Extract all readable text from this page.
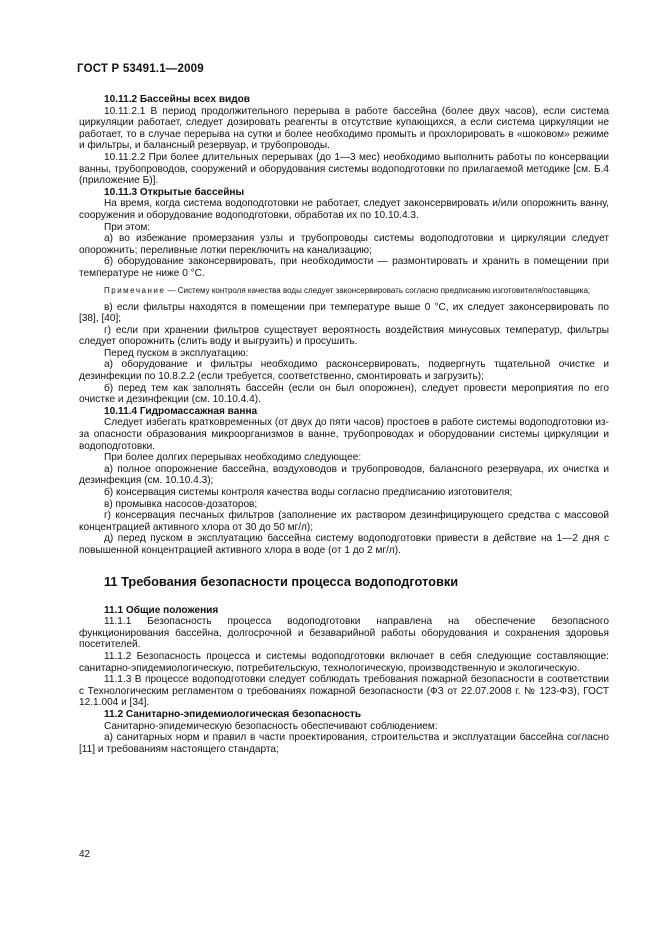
ГОСТ Р 53491.1—2009

10.11.2 Бассейны всех видов

10.11.2.1 В период продолжительного перерыва в работе бассейна (более двух часов), если система циркуляции работает, следует дозировать реагенты в отсутствие купающихся, а если система циркуляции не работает, то в случае перерыва на сутки и более необходимо промыть и прохлорировать в «шоковом» режиме и фильтры, и балансный резервуар, и трубопроводы.

10.11.2.2 При более длительных перерывах (до 1—3 мес) необходимо выполнить работы по консервации ванны, трубопроводов, сооружений и оборудования системы водоподготовки по прилагаемой методике [см. Б.4 (приложение Б)].

10.11.3 Открытые бассейны

На время, когда система водоподготовки не работает, следует законсервировать и/или опорожнить ванну, сооружения и оборудование водоподготовки, обработав их по 10.10.4.3.

При этом:

а) во избежание промерзания узлы и трубопроводы системы водоподготовки и циркуляции следует опорожнить; переливные лотки переключить на канализацию;

б) оборудование законсервировать, при необходимости — размонтировать и хранить в помещении при температуре не ниже 0 °С.

Примечание — Систему контроля качества воды следует законсервировать согласно предписанию изготовителя/поставщика;

в) если фильтры находятся в помещении при температуре выше 0 °С, их следует законсервировать по [38], [40];

г) если при хранении фильтров существует вероятность воздействия минусовых температур, фильтры следует опорожнить (слить воду и выгрузить) и просушить.

Перед пуском в эксплуатацию:

а) оборудование и фильтры необходимо расконсервировать, подвергнуть тщательной очистке и дезинфекции по 10.8.2.2 (если требуется, соответственно, смонтировать и загрузить);

б) перед тем как заполнять бассейн (если он был опорожнен), следует провести мероприятия по его очистке и дезинфекции (см. 10.10.4.4).

10.11.4 Гидромассажная ванна

Следует избегать кратковременных (от двух до пяти часов) простоев в работе системы водоподготовки из-за опасности образования микроорганизмов в ванне, трубопроводах и оборудовании системы циркуляции и водоподготовки.

При более долгих перерывах необходимо следующее:

а) полное опорожнение бассейна, воздуховодов и трубопроводов, балансного резервуара, их очистка и дезинфекция (см. 10.10.4.3);

б) консервация системы контроля качества воды согласно предписанию изготовителя;

в) промывка насосов-дозаторов;

г) консервация песчаных фильтров (заполнение их раствором дезинфицирующего средства с массовой концентрацией активного хлора от 30 до 50 мг/л);

д) перед пуском в эксплуатацию бассейна систему водоподготовки привести в действие на 1—2 дня с повышенной концентрацией активного хлора в воде (от 1 до 2 мг/л).

11 Требования безопасности процесса водоподготовки

11.1 Общие положения

11.1.1 Безопасность процесса водоподготовки направлена на обеспечение безопасного функционирования бассейна, долгосрочной и безаварийной работы оборудования и сохранения здоровья посетителей.

11.1.2 Безопасность процесса и системы водоподготовки включает в себя следующие составляющие: санитарно-эпидемиологическую, потребительскую, технологическую, производственную и экологическую.

11.1.3 В процессе водоподготовки следует соблюдать требования пожарной безопасности в соответствии с Технологическим регламентом о требованиях пожарной безопасности (ФЗ от 22.07.2008 г. № 123-ФЗ), ГОСТ 12.1.004 и [34].

11.2 Санитарно-эпидемиологическая безопасность

Санитарно-эпидемическую безопасность обеспечивают соблюдением:

а) санитарных норм и правил в части проектирования, строительства и эксплуатации бассейна согласно [11] и требованиям настоящего стандарта;

42
